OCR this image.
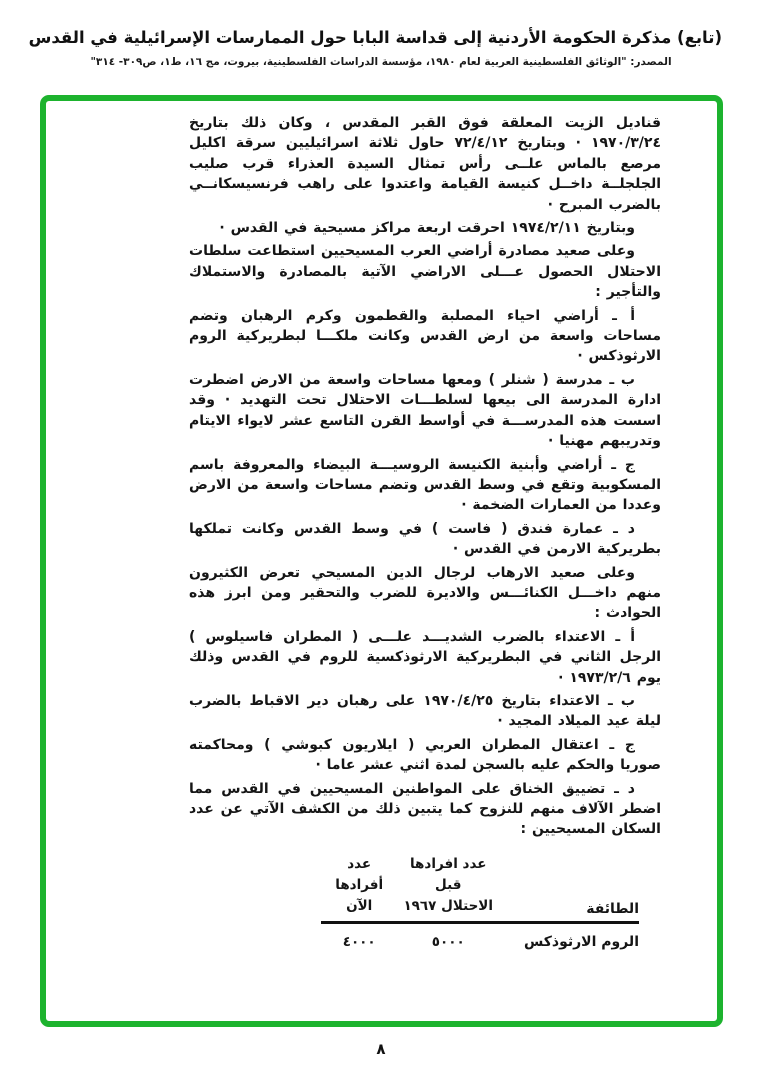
(تابع) مذكرة الحكومة الأردنية إلى قداسة البابا حول الممارسات الإسرائيلية في القدس
المصدر: "الوثائق الفلسطينية العربية لعام ١٩٨٠، مؤسسة الدراسات الفلسطينية، بيروت، مج ١٦، ط١، ص٣٠٩- ٣١٤"

قناديل الزيت المعلقة فوق القبر المقدس ، وكان ذلك بتاريخ ١٩٧٠/٣/٢٤ · وبتاريخ ٧٢/٤/١٢ حاول ثلاثة اسرائيليين سرقة اكليل مرصع بالماس علــى رأس تمثال السيدة العذراء قرب صليب الجلجلــة داخــل كنيسة القيامة واعتدوا على راهب فرنسيسكانــي بالضرب المبرح ·

وبتاريخ ١٩٧٤/٢/١١ احرقت اربعة مراكز مسيحية في القدس ·

وعلى صعيد مصادرة أراضي العرب المسيحيين استطاعت سلطات الاحتلال الحصول عـــلى الاراضي الآتية بالمصادرة والاستملاك والتأجير :

أ ـ أراضي احياء المصلبة والقطمون وكرم الرهبان وتضم مساحات واسعة من ارض القدس وكانت ملكـــا لبطريركية الروم الارثوذكس ·

ب ـ مدرسة ( شنلر ) ومعها مساحات واسعة من الارض اضطرت ادارة المدرسة الى بيعها لسلطـــات الاحتلال تحت التهديد · وقد اسست هذه المدرســـة في أواسط القرن التاسع عشر لايواء الايتام وتدريبهم مهنيا ·

ج ـ أراضي وأبنية الكنيسة الروسيـــة البيضاء والمعروفة باسم المسكوبية وتقع في وسط القدس وتضم مساحات واسعة من الارض وعددا من العمارات الضخمة ·

د ـ عمارة فندق ( فاست ) في وسط القدس وكانت تملكها بطريركية الارمن في القدس ·

وعلى صعيد الارهاب لرجال الدين المسيحي تعرض الكثيرون منهم داخـــل الكنائـــس والاديرة للضرب والتحقير ومن ابرز هذه الحوادث :

أ ـ الاعتداء بالضرب الشديـــد علـــى ( المطران فاسيلوس ) الرجل الثاني في البطريركية الارثوذكسية للروم في القدس وذلك يوم ١٩٧٣/٢/٦ ·

ب ـ الاعتداء بتاريخ ١٩٧٠/٤/٢٥ على رهبان دير الاقباط بالضرب ليلة عيد الميلاد المجيد ·

ج ـ اعتقال المطران العربي ( ايلاريون كبوشي ) ومحاكمته صوريا والحكم عليه بالسجن لمدة اثني عشر عاما ·

د ـ تضييق الخناق على المواطنين المسيحيين في القدس مما اضطر الآلاف منهم للنزوح كما يتبين ذلك من الكشف الآتي عن عدد السكان المسيحيين :

الطائفة
عدد افرادها قبل
الاحتلال ١٩٦٧
عدد أفرادها
الآن
الروم الارثوذكس
٥٠٠٠
٤٠٠٠
٨
